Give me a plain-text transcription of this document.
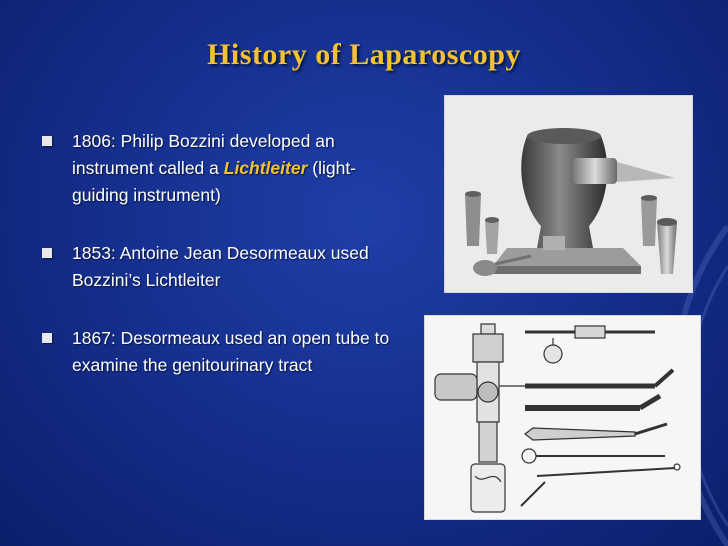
History of Laparoscopy
1806: Philip Bozzini developed an instrument called a Lichtleiter (light-guiding instrument)
1853: Antoine Jean Desormeaux used Bozzini’s Lichtleiter
1867: Desormeaux used an open tube to examine the genitourinary tract
